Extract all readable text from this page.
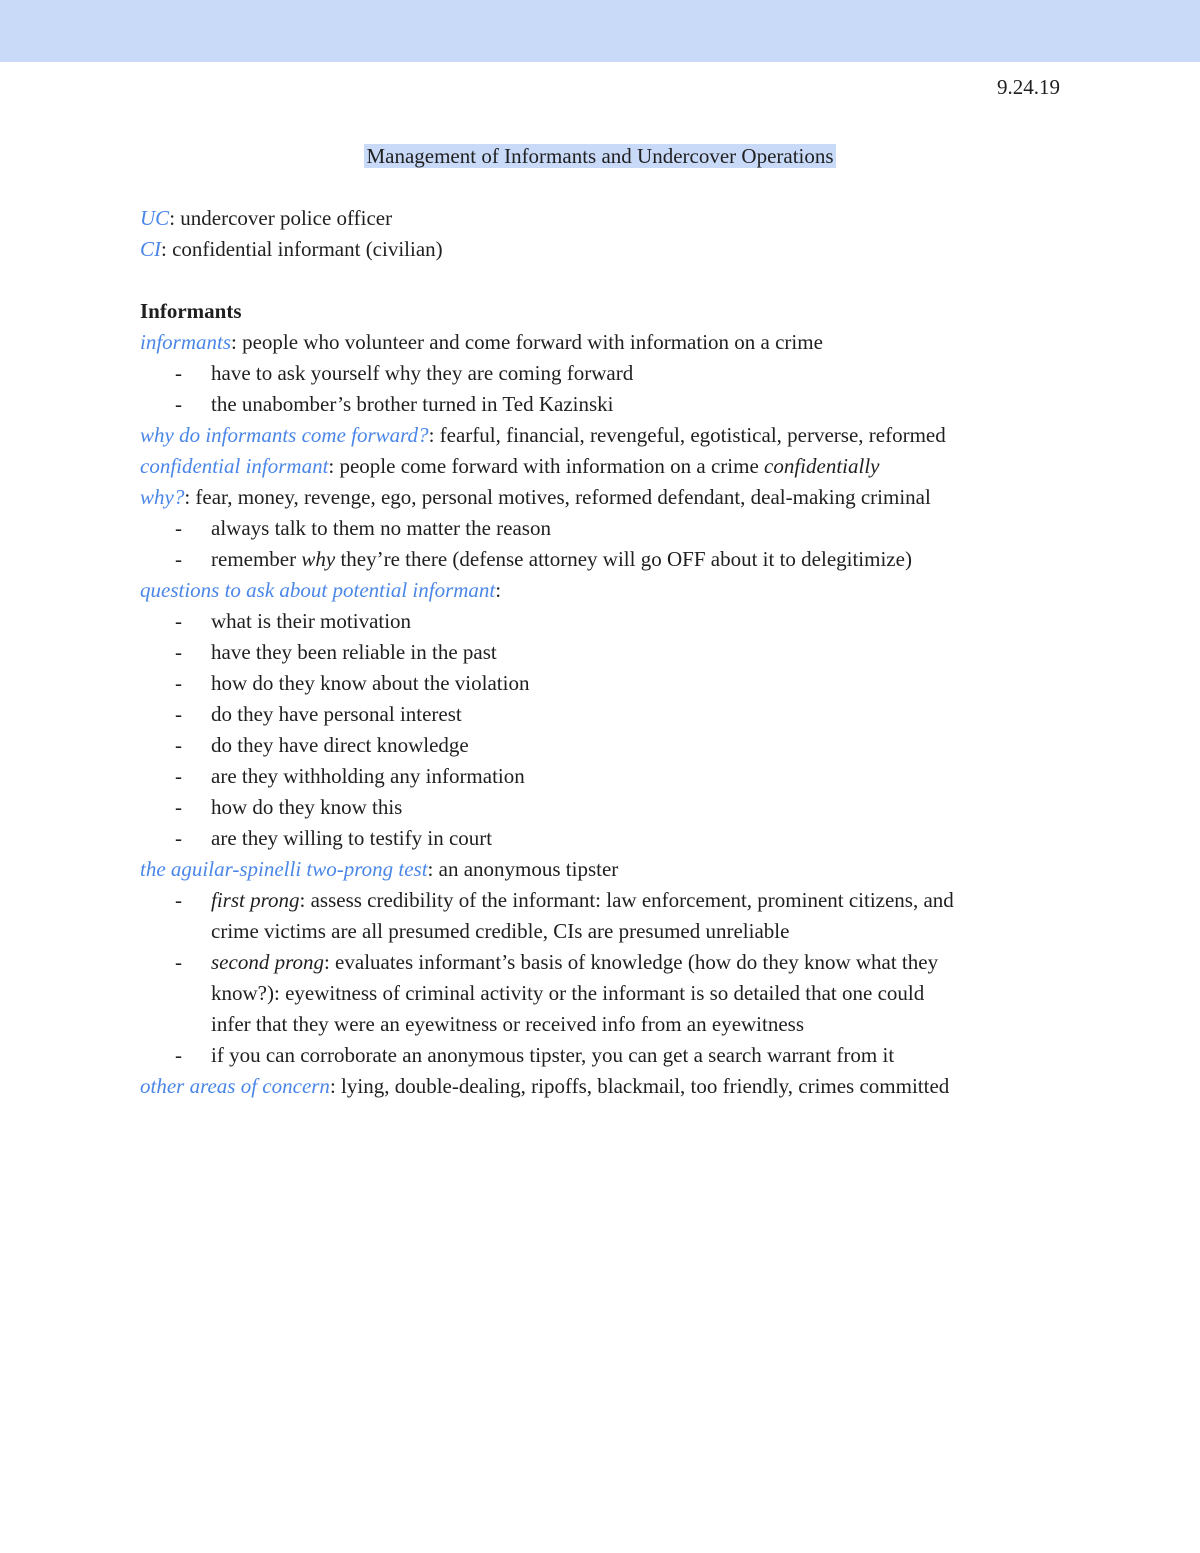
9.24.19
Management of Informants and Undercover Operations
UC: undercover police officer
CI: confidential informant (civilian)
Informants
informants: people who volunteer and come forward with information on a crime
- have to ask yourself why they are coming forward
- the unabomber’s brother turned in Ted Kazinski
why do informants come forward?: fearful, financial, revengeful, egotistical, perverse, reformed
confidential informant: people come forward with information on a crime confidentially
why?: fear, money, revenge, ego, personal motives, reformed defendant, deal-making criminal
- always talk to them no matter the reason
- remember why they’re there (defense attorney will go OFF about it to delegitimize)
questions to ask about potential informant:
- what is their motivation
- have they been reliable in the past
- how do they know about the violation
- do they have personal interest
- do they have direct knowledge
- are they withholding any information
- how do they know this
- are they willing to testify in court
the aguilar-spinelli two-prong test: an anonymous tipster
- first prong: assess credibility of the informant: law enforcement, prominent citizens, and
crime victims are all presumed credible, CIs are presumed unreliable
- second prong: evaluates informant’s basis of knowledge (how do they know what they
know?): eyewitness of criminal activity or the informant is so detailed that one could
infer that they were an eyewitness or received info from an eyewitness
- if you can corroborate an anonymous tipster, you can get a search warrant from it
other areas of concern: lying, double-dealing, ripoffs, blackmail, too friendly, crimes committed
